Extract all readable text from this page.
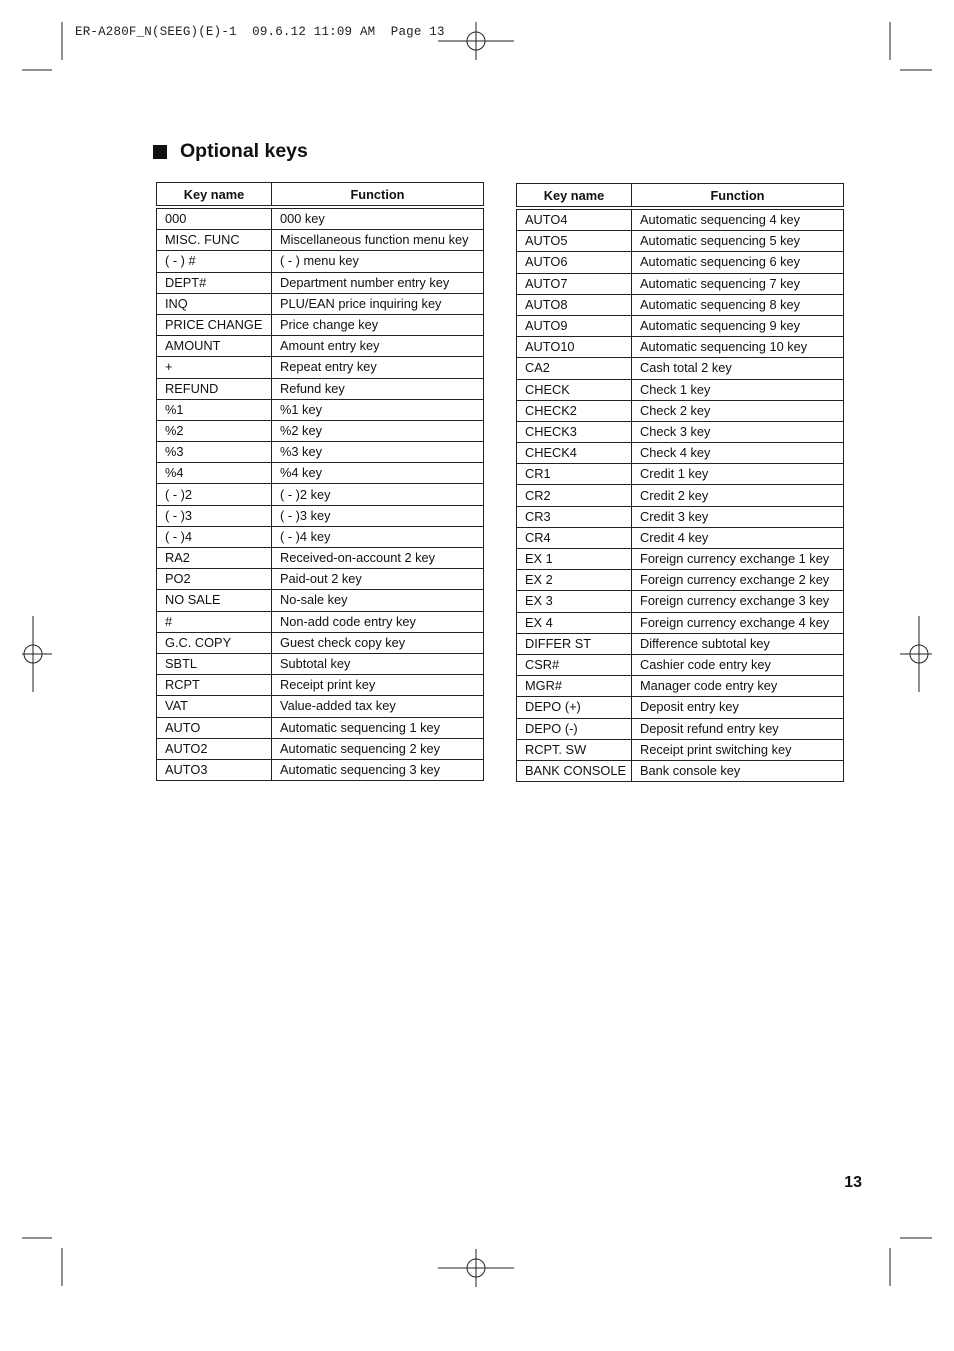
ER-A280F_N(SEEG)(E)-1  09.6.12 11:09 AM  Page 13
Optional keys
Key name	Function
000	000 key
MISC. FUNC	Miscellaneous function menu key
( - ) #	( - ) menu key
DEPT#	Department number entry key
INQ	PLU/EAN price inquiring key
PRICE CHANGE	Price change key
AMOUNT	Amount entry key
+	Repeat entry key
REFUND	Refund key
%1	%1 key
%2	%2 key
%3	%3 key
%4	%4 key
( - )2	( - )2 key
( - )3	( - )3 key
( - )4	( - )4 key
RA2	Received-on-account 2 key
PO2	Paid-out 2 key
NO SALE	No-sale key
#	Non-add code entry key
G.C. COPY	Guest check copy key
SBTL	Subtotal key
RCPT	Receipt print key
VAT	Value-added tax key
AUTO	Automatic sequencing 1 key
AUTO2	Automatic sequencing 2 key
AUTO3	Automatic sequencing 3 key
Key name	Function
AUTO4	Automatic sequencing 4 key
AUTO5	Automatic sequencing 5 key
AUTO6	Automatic sequencing 6 key
AUTO7	Automatic sequencing 7 key
AUTO8	Automatic sequencing 8 key
AUTO9	Automatic sequencing 9 key
AUTO10	Automatic sequencing 10 key
CA2	Cash total 2 key
CHECK	Check 1 key
CHECK2	Check 2 key
CHECK3	Check 3 key
CHECK4	Check 4 key
CR1	Credit 1 key
CR2	Credit 2 key
CR3	Credit 3 key
CR4	Credit 4 key
EX 1	Foreign currency exchange 1 key
EX 2	Foreign currency exchange 2 key
EX 3	Foreign currency exchange 3 key
EX 4	Foreign currency exchange 4 key
DIFFER ST	Difference subtotal key
CSR#	Cashier code entry key
MGR#	Manager code entry key
DEPO (+)	Deposit entry key
DEPO (-)	Deposit refund entry key
RCPT. SW	Receipt print switching key
BANK CONSOLE	Bank console key
13
